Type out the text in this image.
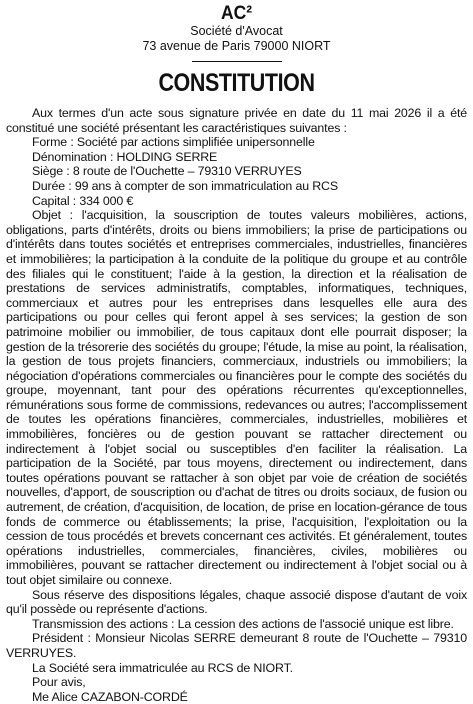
AC²
Société d'Avocat
73 avenue de Paris 79000 NIORT
CONSTITUTION

Aux termes d'un acte sous signature privée en date du 11 mai 2026 il a été constitué une société présentant les caractéristiques suivantes :

Forme : Société par actions simplifiée unipersonnelle

Dénomination : HOLDING SERRE

Siège : 8 route de l'Ouchette – 79310 VERRUYES

Durée : 99 ans à compter de son immatriculation au RCS

Capital : 334 000 €

Objet : l'acquisition, la souscription de toutes valeurs mobilières, actions, obligations, parts d'intérêts, droits ou biens immobiliers; la prise de participations ou d'intérêts dans toutes sociétés et entreprises commerciales, industrielles, financières et immobilières; la participation à la conduite de la politique du groupe et au contrôle des filiales qui le constituent; l'aide à la gestion, la direction et la réalisation de prestations de services administratifs, comptables, informatiques, techniques, commerciaux et autres pour les entreprises dans lesquelles elle aura des participations ou pour celles qui feront appel à ses services; la gestion de son patrimoine mobilier ou immobilier, de tous capitaux dont elle pourrait disposer; la gestion de la trésorerie des sociétés du groupe; l'étude, la mise au point, la réalisation, la gestion de tous projets financiers, commerciaux, industriels ou immobiliers; la négociation d'opérations commerciales ou financières pour le compte des sociétés du groupe, moyennant, tant pour des opérations récurrentes qu'exceptionnelles, rémunérations sous forme de commissions, redevances ou autres; l'accomplissement de toutes les opérations financières, commerciales, industrielles, mobilières et immobilières, foncières ou de gestion pouvant se rattacher directement ou indirectement à l'objet social ou susceptibles d'en faciliter la réalisation. La participation de la Société, par tous moyens, directement ou indirectement, dans toutes opérations pouvant se rattacher à son objet par voie de création de sociétés nouvelles, d'apport, de souscription ou d'achat de titres ou droits sociaux, de fusion ou autrement, de création, d'acquisition, de location, de prise en location-gérance de tous fonds de commerce ou établissements; la prise, l'acquisition, l'exploitation ou la cession de tous procédés et brevets concernant ces activités. Et généralement, toutes opérations industrielles, commerciales, financières, civiles, mobilières ou immobilières, pouvant se rattacher directement ou indirectement à l'objet social ou à tout objet similaire ou connexe.

Sous réserve des dispositions légales, chaque associé dispose d'autant de voix qu'il possède ou représente d'actions.

Transmission des actions : La cession des actions de l'associé unique est libre.

Président : Monsieur Nicolas SERRE demeurant 8 route de l'Ouchette – 79310 VERRUYES.

La Société sera immatriculée au RCS de NIORT.

Pour avis,

Me Alice CAZABON-CORDÉ
